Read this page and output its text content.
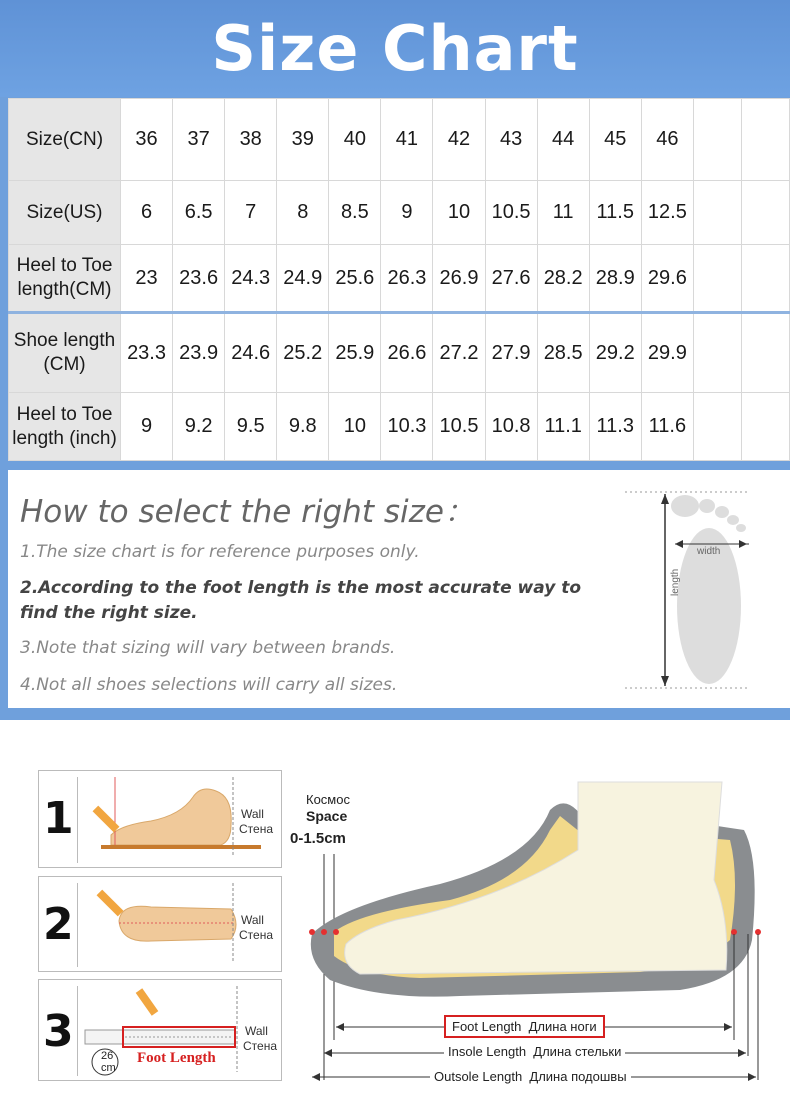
Size Chart
Size(CN)	36	37	38	39	40	41	42	43	44	45	46		
Size(US)	6	6.5	7	8	8.5	9	10	10.5	11	11.5	12.5		
Heel to Toe length(CM)	23	23.6	24.3	24.9	25.6	26.3	26.9	27.6	28.2	28.9	29.6		
Shoe length (CM)	23.3	23.9	24.6	25.2	25.9	26.6	27.2	27.9	28.5	29.2	29.9		
Heel to Toe length (inch)	9	9.2	9.5	9.8	10	10.3	10.5	10.8	11.1	11.3	11.6		
How to select the right size：

1.The size chart is for reference purposes only.

2.According to the foot length is the most accurate way to find the right size.

3.Note that sizing will vary between brands.

4.Not all shoes selections will carry all sizes.

length
width
1	Wall
Стена
2	Wall
Стена
3 26
cm
Foot Length
Wall
Стена
Космос
Space
0-1.5cm
Foot Length  Длина ноги
Insole Length  Длина стельки
Outsole Length  Длина подошвы
